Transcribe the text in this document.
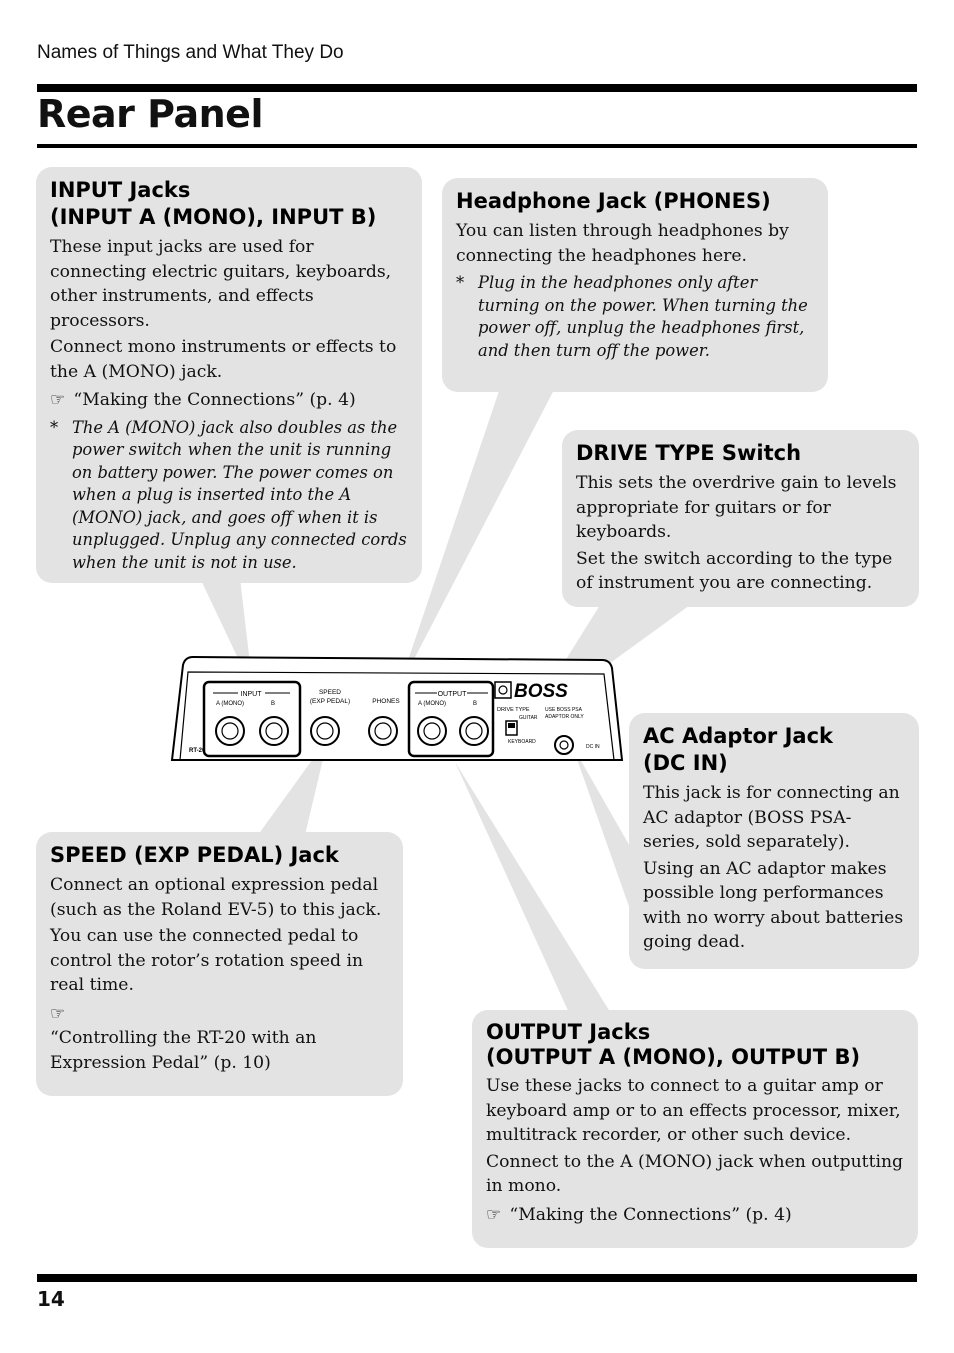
Names of Things and What They Do
Rear Panel
INPUT
A (MONO)	B
SPEED
(EXP PEDAL)	PHONES
OUTPUT
A (MONO)	B
BOSS
DRIVE TYPE
GUITAR
KEYBOARD
USE BOSS PSA
ADAPTOR ONLY
DC IN
RT-20
INPUT Jacks
(INPUT A (MONO), INPUT B)

These input jacks are used for connecting electric guitars, keyboards, other instruments, and effects processors.

Connect mono instruments or effects to the A (MONO) jack.

☞ “Making the Connections” (p. 4)

* The A (MONO) jack also doubles as the power switch when the unit is running on battery power. The power comes on when a plug is inserted into the A (MONO) jack, and goes off when it is unplugged. Unplug any connected cords when the unit is not in use.
Headphone Jack (PHONES)

You can listen through headphones by connecting the headphones here.

* Plug in the headphones only after turning on the power. When turning the power off, unplug the headphones first, and then turn off the power.
DRIVE TYPE Switch

This sets the overdrive gain to levels appropriate for guitars or for keyboards.

Set the switch according to the type of instrument you are connecting.

AC Adaptor Jack
(DC IN)

This jack is for connecting an AC adaptor (BOSS PSA-series, sold separately).

Using an AC adaptor makes possible long performances with no worry about batteries going dead.

SPEED (EXP PEDAL) Jack

Connect an optional expression pedal (such as the Roland EV-5) to this jack.

You can use the connected pedal to control the rotor’s rotation speed in real time.

☞
“Controlling the RT-20 with an Expression Pedal” (p. 10)

OUTPUT Jacks
(OUTPUT A (MONO), OUTPUT B)

Use these jacks to connect to a guitar amp or keyboard amp or to an effects processor, mixer, multitrack recorder, or other such device.

Connect to the A (MONO) jack when outputting in mono.

☞ “Making the Connections” (p. 4)

14
